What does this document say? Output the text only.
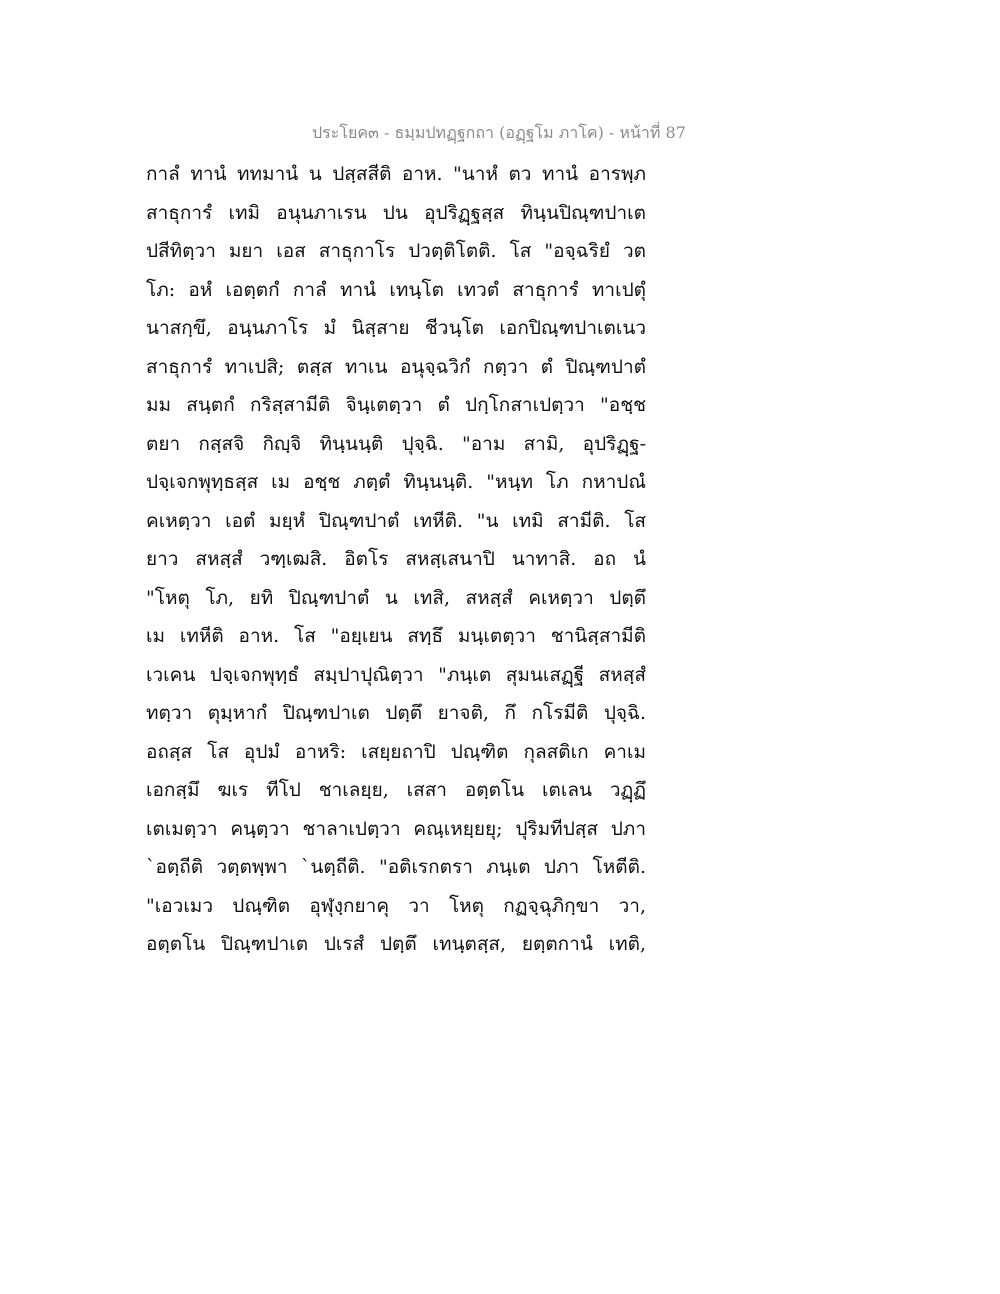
ประโยค๓ - ธมฺมปทฏฺฐกถา (อฏฺฐโม ภาโค) - หน้าที่ 87
กาลํ ทานํ ททมานํ น ปสฺสสีติ อาห. "นาหํ ตว ทานํ อารพฺภ
สาธุการํ เทมิ อนุนภาเรน ปน อุปริฏฺฐสฺส ทินฺนปิณฺฑปาเต
ปสีทิตฺวา มยา เอส สาธุกาโร ปวตฺติโตติ. โส "อจฺฉริยํ วต
โภ: อหํ เอตฺตกํ กาลํ ทานํ เทนฺโต เทวตํ สาธุการํ ทาเปตุํ
นาสกฺขึ, อนฺนภาโร มํ นิสฺสาย ชีวนฺโต เอกปิณฺฑปาเตเนว
สาธุการํ ทาเปสิ; ตสฺส ทาเน อนุจฺฉวิกํ กตฺวา ตํ ปิณฺฑปาตํ
มม สนฺตกํ กริสฺสามีติ จินฺเตตฺวา ตํ ปกฺโกสาเปตฺวา "อชฺช
ตยา กสฺสจิ กิญฺจิ ทินฺนนฺติ ปุจฺฉิ. "อาม สามิ, อุปริฏฺฐ-
ปจฺเจกพุทฺธสฺส เม อชฺช ภตฺตํ ทินฺนนฺติ. "หนฺท โภ กหาปณํ
คเหตฺวา เอตํ มยฺหํ ปิณฺฑปาตํ เทหีติ. "น เทมิ สามีติ. โส
ยาว สหสฺสํ วฑฺเฒสิ. อิตโร สหสฺเสนาปิ นาทาสิ. อถ นํ
"โหตุ โภ, ยทิ ปิณฺฑปาตํ น เทสิ, สหสฺสํ คเหตฺวา ปตฺตึ
เม เทหีติ อาห. โส "อยฺเยน สทฺธึ มนฺเตตฺวา ชานิสฺสามีติ
เวเคน ปจฺเจกพุทฺธํ สมฺปาปุณิตฺวา "ภนฺเต สุมนเสฏฺฐี สหสฺสํ
ทตฺวา ตุมฺหากํ ปิณฺฑปาเต ปตฺตึ ยาจติ, กึ กโรมีติ ปุจฺฉิ.
อถสฺส โส อุปมํ อาหริ: เสยฺยถาปิ ปณฺฑิต กุลสติเก คาเม
เอกสฺมึ ฆเร ทีโป ชาเลยฺย, เสสา อตฺตโน เตเลน วฏฺฏึ
เตเมตฺวา คนฺตฺวา ชาลาเปตฺวา คณฺเหยฺยยุ; ปุริมทีปสฺส ปภา
`อตฺถีติ วตฺตพฺพา `นตฺถีติ. "อติเรกตรา ภนฺเต ปภา โหตีติ.
"เอวเมว ปณฺฑิต อุฬุงฺกยาคุ วา โหตุ กฏจฺฉุภิกฺขา วา,
อตฺตโน ปิณฺฑปาเต ปเรสํ ปตฺตึ เทนฺตสฺส, ยตฺตกานํ เทติ,
